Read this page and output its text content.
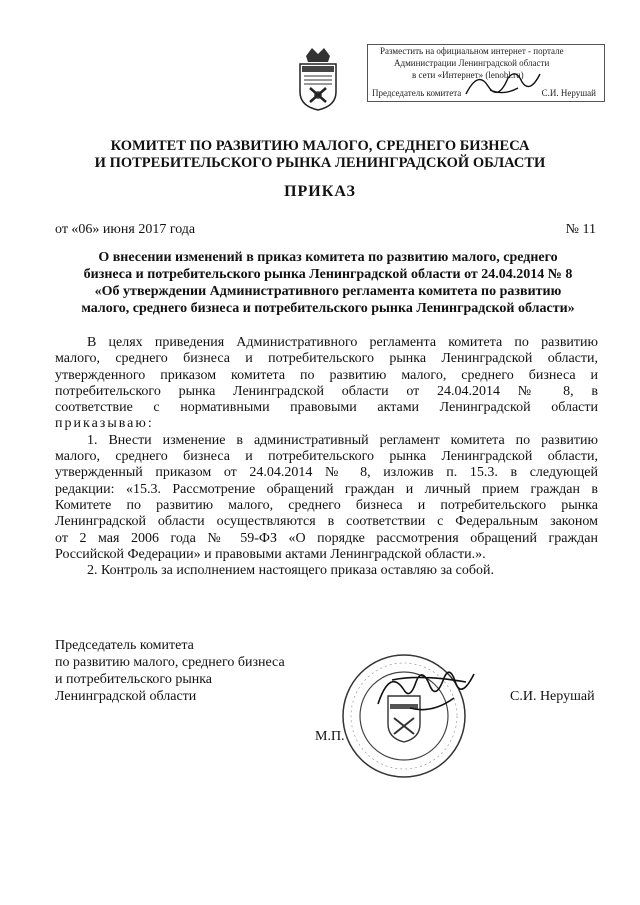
Разместить на официальном интернет - портале
Администрации Ленинградской области
в сети «Интернет» (lenobl.ru)
Председатель комитета	С.И. Нерушай
КОМИТЕТ ПО РАЗВИТИЮ МАЛОГО, СРЕДНЕГО БИЗНЕСА
И ПОТРЕБИТЕЛЬСКОГО РЫНКА ЛЕНИНГРАДСКОЙ ОБЛАСТИ
ПРИКАЗ
от «06» июня 2017 года	№ 11
О внесении изменений в приказ комитета по развитию малого, среднего
бизнеса и потребительского рынка Ленинградской области от 24.04.2014 № 8
«Об утверждении Административного регламента комитета по развитию
малого, среднего бизнеса и потребительского рынка Ленинградской области»
В целях приведения Административного регламента комитета по развитию
малого, среднего бизнеса и потребительского рынка Ленинградской области,
утвержденного приказом комитета по развитию малого, среднего бизнеса и
потребительского рынка Ленинградской области от 24.04.2014 № 8, в
соответствие с нормативными правовыми актами Ленинградской области
приказываю:
1. Внести изменение в административный регламент комитета по развитию
малого, среднего бизнеса и потребительского рынка Ленинградской области,
утвержденный приказом от 24.04.2014 № 8, изложив п. 15.3. в следующей
редакции: «15.3. Рассмотрение обращений граждан и личный прием граждан в
Комитете по развитию малого, среднего бизнеса и потребительского рынка
Ленинградской области осуществляются в соответствии с Федеральным законом
от 2 мая 2006 года № 59-ФЗ «О порядке рассмотрения обращений граждан
Российской Федерации» и правовыми актами Ленинградской области.».
2. Контроль за исполнением настоящего приказа оставляю за собой.
Председатель комитета
по развитию малого, среднего бизнеса
и потребительского рынка
Ленинградской области	С.И. Нерушай
М.П.
